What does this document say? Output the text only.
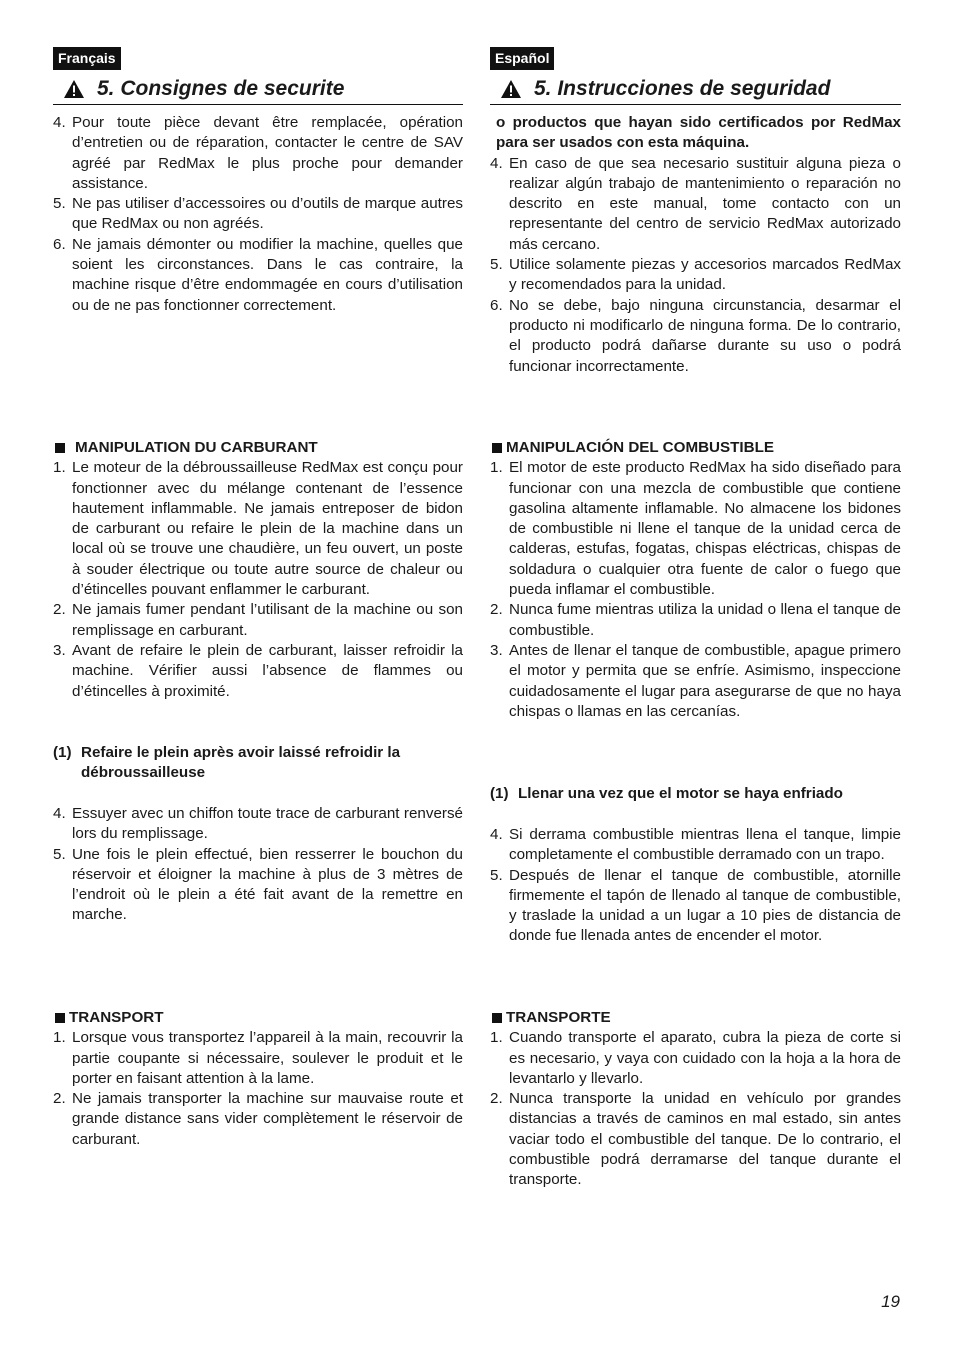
Français
5. Consignes de securite
4. Pour toute pièce devant être remplacée, opération d’entretien ou de réparation, contacter le centre de SAV agréé par RedMax le plus proche pour demander assistance.
5. Ne pas utiliser d’accessoires ou d’outils de marque autres que RedMax ou non agréés.
6. Ne jamais démonter ou modifier la machine, quelles que soient les circonstances. Dans le cas contraire, la machine risque d’être endommagée en cours d’utilisation ou de ne pas fonctionner correctement.
MANIPULATION DU CARBURANT
1. Le moteur de la débroussailleuse RedMax est conçu pour fonctionner avec du mélange contenant de l’essence hautement inflammable. Ne jamais entreposer de bidon de carburant ou refaire le plein de la machine dans un local où se trouve une chaudière, un feu ouvert, un poste à souder électrique ou toute autre source de chaleur ou d’étincelles pouvant enflammer le carburant.
2. Ne jamais fumer pendant l’utilisant de la machine ou son remplissage en carburant.
3. Avant de refaire le plein de carburant, laisser refroidir la machine. Vérifier aussi l’absence de flammes ou d’étincelles à proximité.
(1) Refaire le plein après avoir laissé refroidir la débroussailleuse
4. Essuyer avec un chiffon toute trace de carburant renversé lors du remplissage.
5. Une fois le plein effectué, bien resserrer le bouchon du réservoir et éloigner la machine à plus de 3 mètres de l’endroit où le plein a été fait avant de la remettre en marche.
TRANSPORT
1. Lorsque vous transportez l’appareil à la main, recouvrir la partie coupante si nécessaire, soulever le produit et le porter en faisant attention à la lame.
2. Ne jamais transporter la machine sur mauvaise route et grande distance sans vider complètement le réservoir de carburant.
Español
5. Instrucciones de seguridad
o productos que hayan sido certificados por RedMax para ser usados con esta máquina.
4. En caso de que sea necesario sustituir alguna pieza o realizar algún trabajo de mantenimiento o reparación no descrito en este manual, tome contacto con un representante del centro de servicio RedMax autorizado más cercano.
5. Utilice solamente piezas y accesorios marcados RedMax y recomendados para la unidad.
6. No se debe, bajo ninguna circunstancia, desarmar el producto ni modificarlo de ninguna forma. De lo contrario, el producto podrá dañarse durante su uso o podrá funcionar incorrectamente.
MANIPULACIÓN DEL COMBUSTIBLE
1. El motor de este producto RedMax ha sido diseñado para funcionar con una mezcla de combustible que contiene gasolina altamente inflamable. No almacene los bidones de combustible ni llene el tanque de la unidad cerca de calderas, estufas, fogatas, chispas eléctricas, chispas de soldadura o cualquier otra fuente de calor o fuego que pueda inflamar el combustible.
2. Nunca fume mientras utiliza la unidad o llena el tanque de combustible.
3. Antes de llenar el tanque de combustible, apague primero el motor y permita que se enfríe. Asimismo, inspeccione cuidadosamente el lugar para asegurarse de que no haya chispas o llamas en las cercanías.
(1) Llenar una vez que el motor se haya enfriado
4. Si derrama combustible mientras llena el tanque, limpie completamente el combustible derramado con un trapo.
5. Después de llenar el tanque de combustible, atornille firmemente el tapón de llenado al tanque de combustible, y traslade la unidad a un lugar a 10 pies de distancia de donde fue llenada antes de encender el motor.
TRANSPORTE
1. Cuando transporte el aparato, cubra la pieza de corte si es necesario, y vaya con cuidado con la hoja a la hora de levantarlo y llevarlo.
2. Nunca transporte la unidad en vehículo por grandes distancias a través de caminos en mal estado, sin antes vaciar todo el combustible del tanque. De lo contrario, el combustible podrá derramarse del tanque durante el transporte.
19
